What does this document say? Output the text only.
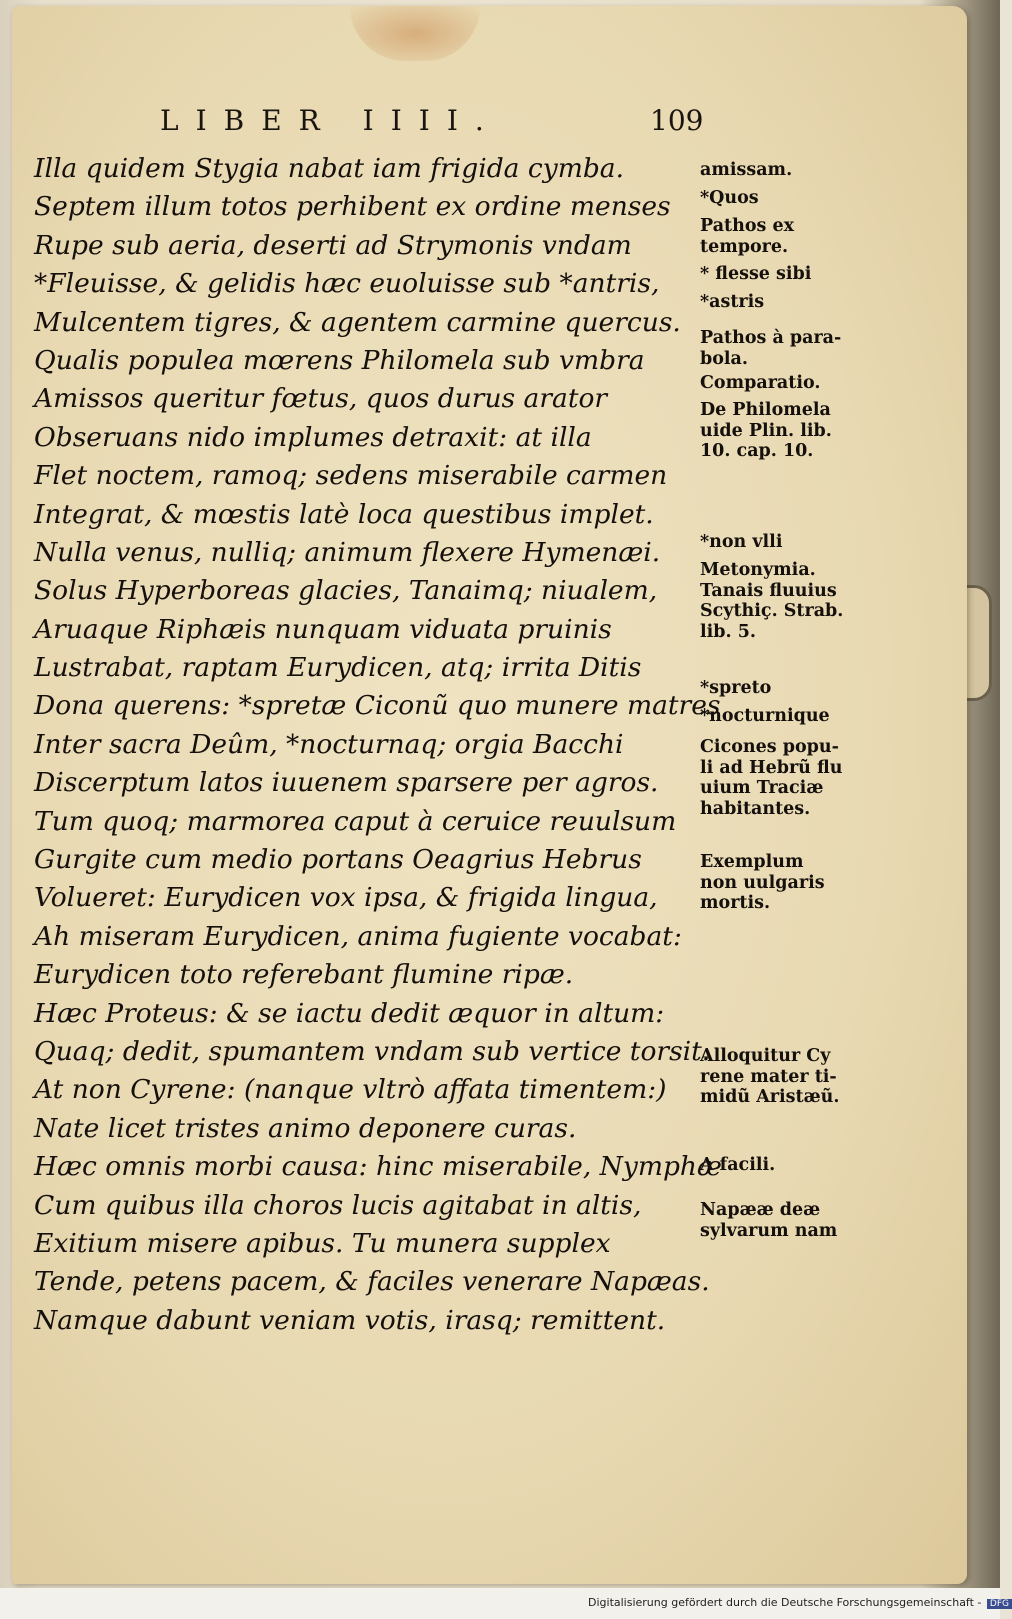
LIBER IIII.	109
Illa quidem Stygia nabat iam frigida cymba.
Septem illum totos perhibent ex ordine menses
Rupe sub aeria, deserti ad Strymonis vndam
*Fleuisse, & gelidis hæc euoluisse sub *antris,
Mulcentem tigres, & agentem carmine quercus.
Qualis populea mœrens Philomela sub vmbra
Amissos queritur fœtus, quos durus arator
Obseruans nido implumes detraxit: at illa
Flet noctem, ramoq; sedens miserabile carmen
Integrat, & mœstis latè loca questibus implet.
Nulla venus, nulliq; animum flexere Hymenæi.
Solus Hyperboreas glacies, Tanaimq; niualem,
Aruaque Riphæis nunquam viduata pruinis
Lustrabat, raptam Eurydicen, atq; irrita Ditis
Dona querens: *spretæ Ciconũ quo munere matres
Inter sacra Deûm, *nocturnaq; orgia Bacchi
Discerptum latos iuuenem sparsere per agros.
Tum quoq; marmorea caput à ceruice reuulsum
Gurgite cum medio portans Oeagrius Hebrus
Volueret: Eurydicen vox ipsa, & frigida lingua,
Ah miseram Eurydicen, anima fugiente vocabat:
Eurydicen toto referebant flumine ripæ.
Hæc Proteus: & se iactu dedit æquor in altum:
Quaq; dedit, spumantem vndam sub vertice torsit.
At non Cyrene: (nanque vltrò affata timentem:)
Nate licet tristes animo deponere curas.
Hæc omnis morbi causa: hinc miserabile, Nymphæ
Cum quibus illa choros lucis agitabat in altis,
Exitium misere apibus. Tu munera supplex
Tende, petens pacem, & faciles venerare Napæas.
Namque dabunt veniam votis, irasq; remittent.
amissam.
*Quos
Pathos ex
tempore.
* flesse sibi
*astris
Pathos à para-
bola.
Comparatio.
De Philomela
uide Plin. lib.
10. cap. 10.
*non vlli
Metonymia.
Tanais fluuius
Scythiç. Strab.
lib. 5.
*spreto
*nocturnique
Cicones popu-
li ad Hebrũ flu
uium Traciæ
habitantes.
Exemplum
non uulgaris
mortis.
Alloquitur Cy
rene mater ti-
midũ Aristæũ.
A facili.
Napææ deæ
sylvarum nam
Digitalisierung gefördert durch die Deutsche Forschungsgemeinschaft - DFG
